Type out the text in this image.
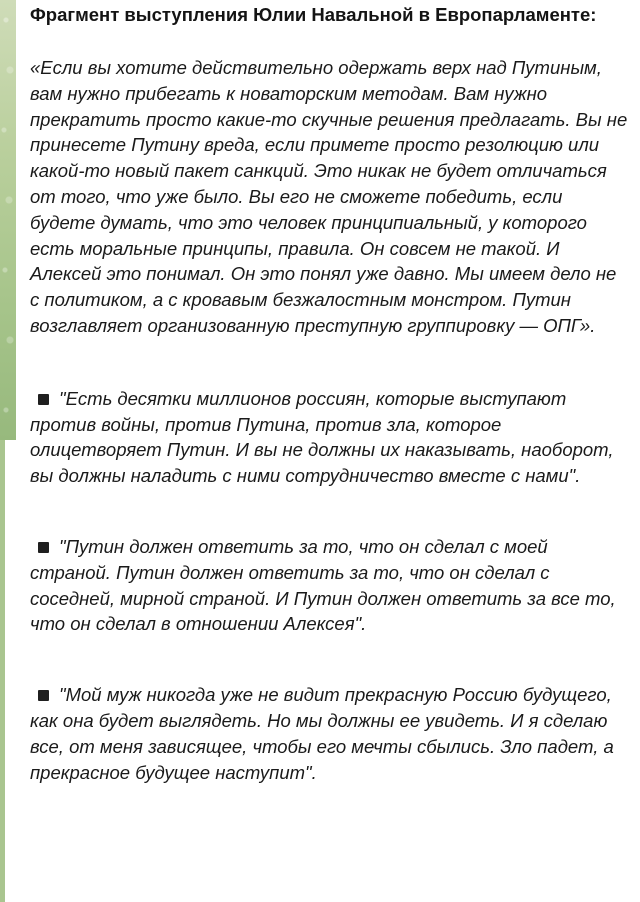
Фрагмент выступления Юлии Навальной в Европарламенте:

«Если вы хотите действительно одержать верх над Путиным, вам нужно прибегать к новаторским методам. Вам нужно прекратить просто какие-то скучные решения предлагать. Вы не принесете Путину вреда, если примете просто резолюцию или какой-то новый пакет санкций. Это никак не будет отличаться от того, что уже было. Вы его не сможете победить, если будете думать, что это человек принципиальный, у которого есть моральные принципы, правила. Он совсем не такой. И Алексей это понимал. Он это понял уже давно. Мы имеем дело не с политиком, а с кровавым безжалостным монстром. Путин возглавляет организованную преступную группировку — ОПГ».

"Есть десятки миллионов россиян, которые выступают против войны, против Путина, против зла, которое олицетворяет Путин. И вы не должны их наказывать, наоборот, вы должны наладить с ними сотрудничество вместе с нами".

"Путин должен ответить за то, что он сделал с моей страной. Путин должен ответить за то, что он сделал с соседней, мирной страной. И Путин должен ответить за все то, что он сделал в отношении Алексея".

"Мой муж никогда уже не видит прекрасную Россию будущего, как она будет выглядеть. Но мы должны ее увидеть. И я сделаю все, от меня зависящее, чтобы его мечты сбылись. Зло падет, а прекрасное будущее наступит".
